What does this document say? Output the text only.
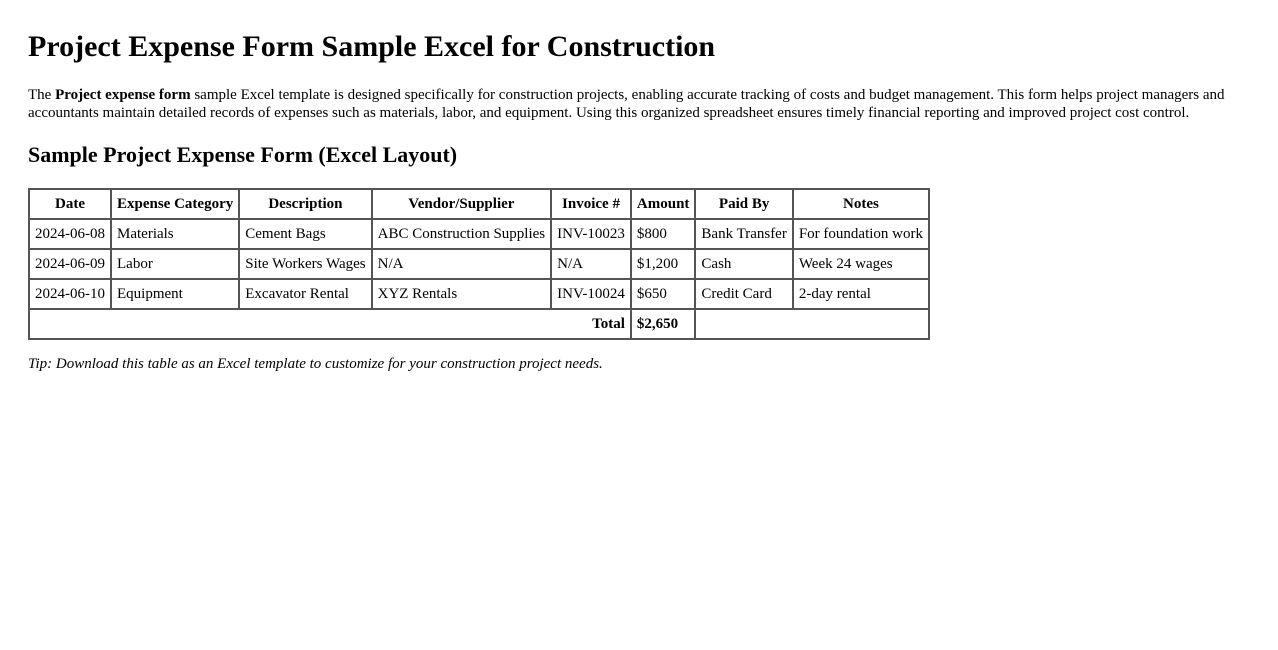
Project Expense Form Sample Excel for Construction

The Project expense form sample Excel template is designed specifically for construction projects, enabling accurate tracking of costs and budget management. This form helps project managers and accountants maintain detailed records of expenses such as materials, labor, and equipment. Using this organized spreadsheet ensures timely financial reporting and improved project cost control.

Sample Project Expense Form (Excel Layout)
Date	Expense Category	Description	Vendor/Supplier	Invoice #	Amount	Paid By	Notes
2024-06-08	Materials	Cement Bags	ABC Construction Supplies	INV-10023	$800	Bank Transfer	For foundation work
2024-06-09	Labor	Site Workers Wages	N/A	N/A	$1,200	Cash	Week 24 wages
2024-06-10	Equipment	Excavator Rental	XYZ Rentals	INV-10024	$650	Credit Card	2-day rental
Total					$2,650		

Tip: Download this table as an Excel template to customize for your construction project needs.
